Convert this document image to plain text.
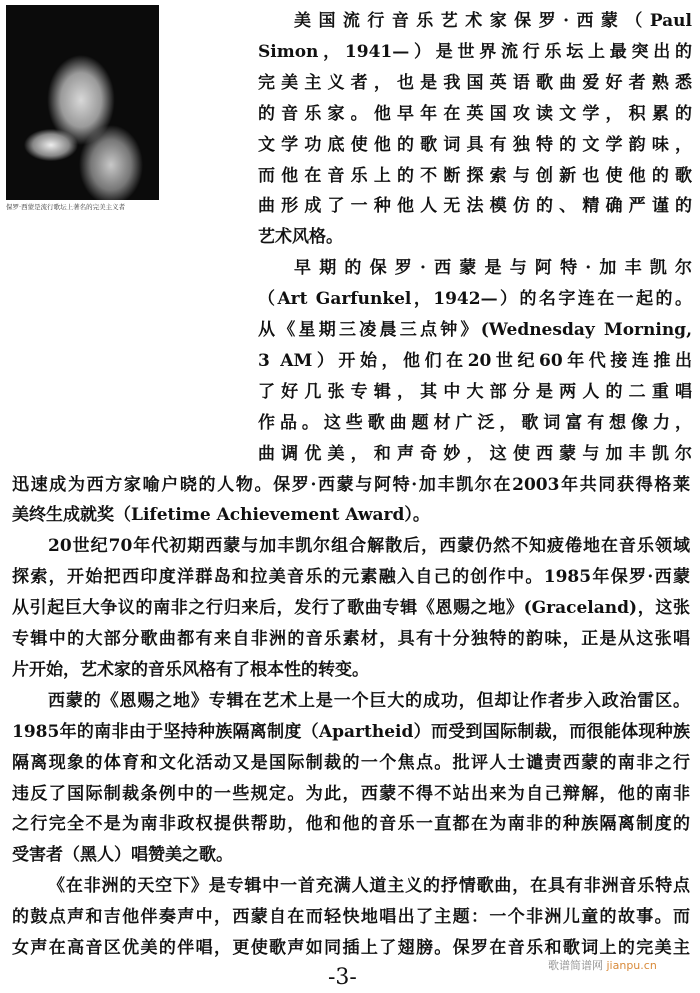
保罗·西蒙是流行歌坛上著名的完美主义者
美国流行音乐艺术家保罗·西蒙（Paul
Simon，1941—）是世界流行乐坛上最突出的
完美主义者，也是我国英语歌曲爱好者熟悉
的音乐家。他早年在英国攻读文学，积累的
文学功底使他的歌词具有独特的文学韵味，
而他在音乐上的不断探索与创新也使他的歌
曲形成了一种他人无法模仿的、精确严谨的
艺术风格。
早期的保罗·西蒙是与阿特·加丰凯尔
（Art Garfunkel，1942—）的名字连在一起的。
从《星期三凌晨三点钟》(Wednesday Morning,
3 AM）开始，他们在20世纪60年代接连推出
了好几张专辑，其中大部分是两人的二重唱
作品。这些歌曲题材广泛，歌词富有想像力，
曲调优美，和声奇妙，这使西蒙与加丰凯尔
迅速成为西方家喻户晓的人物。保罗·西蒙与阿特·加丰凯尔在2003年共同获得格莱
美终生成就奖（Lifetime Achievement Award）。
20世纪70年代初期西蒙与加丰凯尔组合解散后，西蒙仍然不知疲倦地在音乐领域
探索，开始把西印度洋群岛和拉美音乐的元素融入自己的创作中。1985年保罗·西蒙
从引起巨大争议的南非之行归来后，发行了歌曲专辑《恩赐之地》(Graceland)，这张
专辑中的大部分歌曲都有来自非洲的音乐素材，具有十分独特的韵味，正是从这张唱
片开始，艺术家的音乐风格有了根本性的转变。
西蒙的《恩赐之地》专辑在艺术上是一个巨大的成功，但却让作者步入政治雷区。
1985年的南非由于坚持种族隔离制度（Apartheid）而受到国际制裁，而很能体现种族
隔离现象的体育和文化活动又是国际制裁的一个焦点。批评人士谴责西蒙的南非之行
违反了国际制裁条例中的一些规定。为此，西蒙不得不站出来为自己辩解，他的南非
之行完全不是为南非政权提供帮助，他和他的音乐一直都在为南非的种族隔离制度的
受害者（黑人）唱赞美之歌。
《在非洲的天空下》是专辑中一首充满人道主义的抒情歌曲，在具有非洲音乐特点
的鼓点声和吉他伴奏声中，西蒙自在而轻快地唱出了主题：一个非洲儿童的故事。而
女声在高音区优美的伴唱，更使歌声如同插上了翅膀。保罗在音乐和歌词上的完美主
-3-	歌谱简谱网 jianpu.cn
